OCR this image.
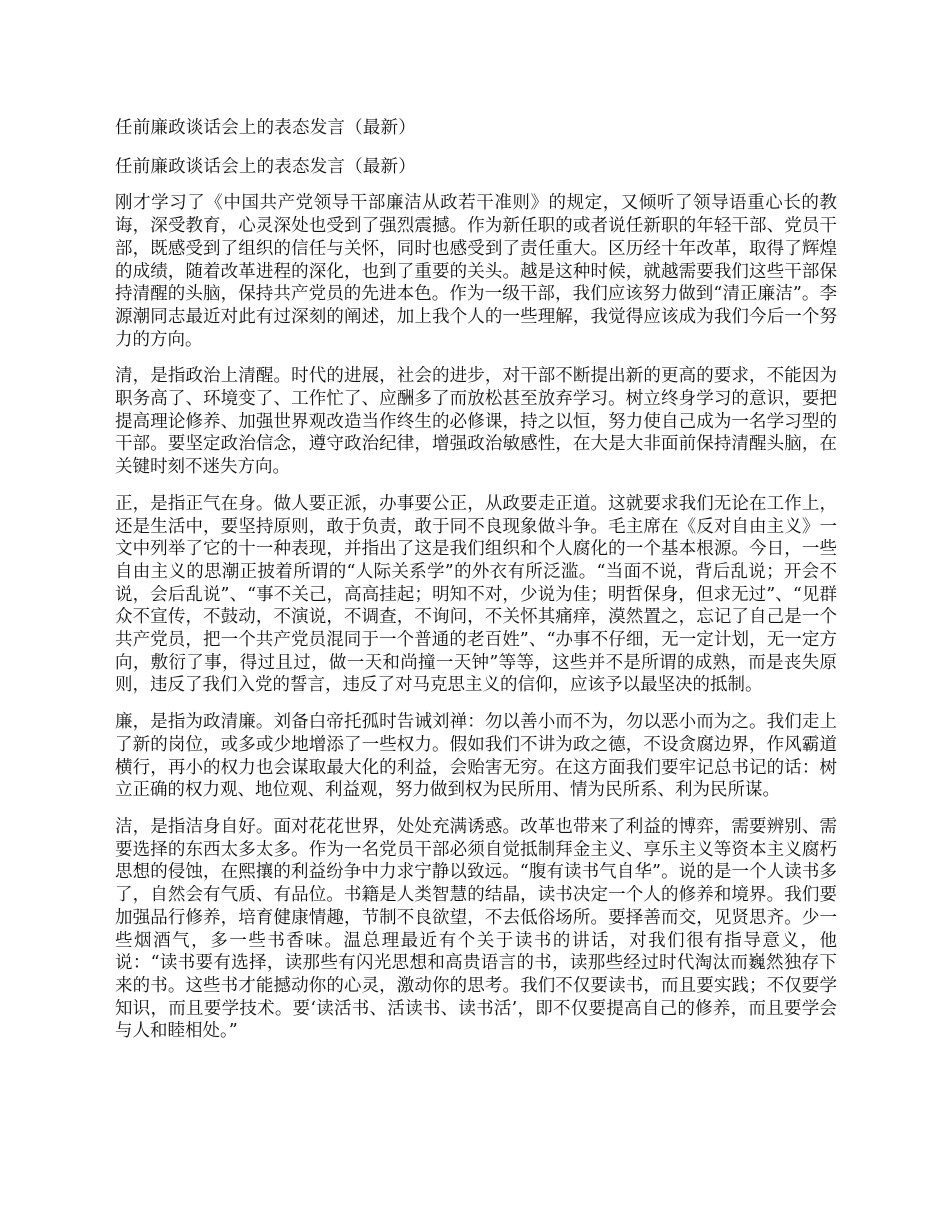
任前廉政谈话会上的表态发言（最新）
任前廉政谈话会上的表态发言（最新）

刚才学习了《中国共产党领导干部廉洁从政若干准则》的规定，又倾听了领导语重心长的教诲，深受教育，心灵深处也受到了强烈震撼。作为新任职的或者说任新职的年轻干部、党员干部，既感受到了组织的信任与关怀，同时也感受到了责任重大。区历经十年改革，取得了辉煌的成绩，随着改革进程的深化，也到了重要的关头。越是这种时候，就越需要我们这些干部保持清醒的头脑，保持共产党员的先进本色。作为一级干部，我们应该努力做到“清正廉洁”。李源潮同志最近对此有过深刻的阐述，加上我个人的一些理解，我觉得应该成为我们今后一个努力的方向。

清，是指政治上清醒。时代的进展，社会的进步，对干部不断提出新的更高的要求，不能因为职务高了、环境变了、工作忙了、应酬多了而放松甚至放弃学习。树立终身学习的意识，要把提高理论修养、加强世界观改造当作终生的必修课，持之以恒，努力使自己成为一名学习型的干部。要坚定政治信念，遵守政治纪律，增强政治敏感性，在大是大非面前保持清醒头脑，在关键时刻不迷失方向。

正，是指正气在身。做人要正派，办事要公正，从政要走正道。这就要求我们无论在工作上，还是生活中，要坚持原则，敢于负责，敢于同不良现象做斗争。毛主席在《反对自由主义》一文中列举了它的十一种表现，并指出了这是我们组织和个人腐化的一个基本根源。今日，一些自由主义的思潮正披着所谓的“人际关系学”的外衣有所泛滥。“当面不说，背后乱说；开会不说，会后乱说”、“事不关己，高高挂起；明知不对，少说为佳；明哲保身，但求无过”、“见群众不宣传，不鼓动，不演说，不调查，不询问，不关怀其痛痒，漠然置之，忘记了自己是一个共产党员，把一个共产党员混同于一个普通的老百姓”、“办事不仔细，无一定计划，无一定方向，敷衍了事，得过且过，做一天和尚撞一天钟”等等，这些并不是所谓的成熟，而是丧失原则，违反了我们入党的誓言，违反了对马克思主义的信仰，应该予以最坚决的抵制。

廉，是指为政清廉。刘备白帝托孤时告诫刘禅：勿以善小而不为，勿以恶小而为之。我们走上了新的岗位，或多或少地增添了一些权力。假如我们不讲为政之德，不设贪腐边界，作风霸道横行，再小的权力也会谋取最大化的利益，会贻害无穷。在这方面我们要牢记总书记的话：树立正确的权力观、地位观、利益观，努力做到权为民所用、情为民所系、利为民所谋。

洁，是指洁身自好。面对花花世界，处处充满诱惑。改革也带来了利益的博弈，需要辨别、需要选择的东西太多太多。作为一名党员干部必须自觉抵制拜金主义、享乐主义等资本主义腐朽思想的侵蚀，在熙攘的利益纷争中力求宁静以致远。“腹有读书气自华”。说的是一个人读书多了，自然会有气质、有品位。书籍是人类智慧的结晶，读书决定一个人的修养和境界。我们要加强品行修养，培育健康情趣，节制不良欲望，不去低俗场所。要择善而交，见贤思齐。少一些烟酒气，多一些书香味。温总理最近有个关于读书的讲话，对我们很有指导意义，他说：“读书要有选择，读那些有闪光思想和高贵语言的书，读那些经过时代淘汰而巍然独存下来的书。这些书才能撼动你的心灵，激动你的思考。我们不仅要读书，而且要实践；不仅要学知识，而且要学技术。要‘读活书、活读书、读书活’，即不仅要提高自己的修养，而且要学会与人和睦相处。”
